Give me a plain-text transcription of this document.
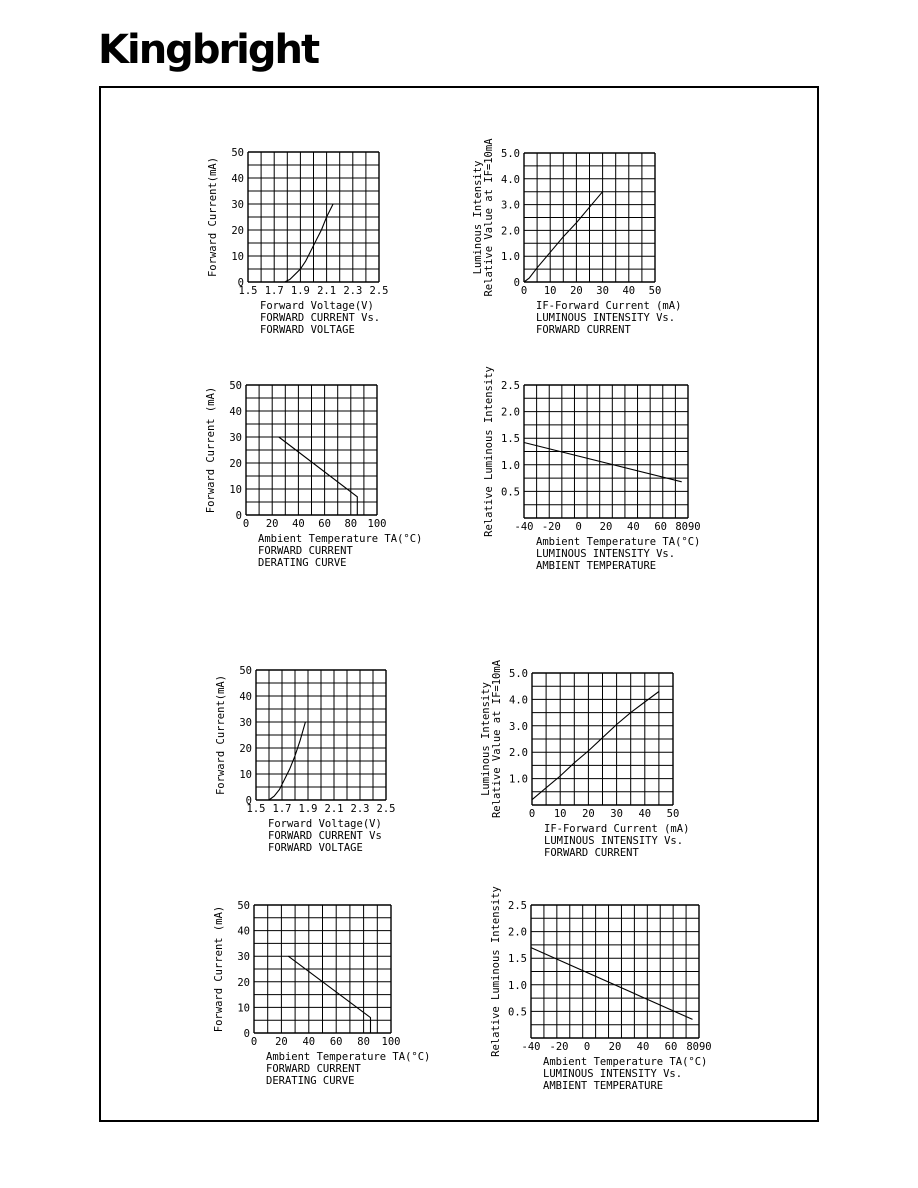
Kingbright
1.5 1.7 1.9 2.1 2.3 2.5
0
10
20
30
40
50
Forward Current(mA)
Forward Voltage(V)
FORWARD CURRENT Vs.
FORWARD VOLTAGE
0 10 20 30 40 50
0
1.0
2.0
3.0
4.0
5.0
Luminous Intensity Relative Value at IF=10mA
IF-Forward Current (mA)
LUMINOUS INTENSITY Vs.
FORWARD CURRENT
0 20 40 60 80 100
0
10
20
30
40
50
Forward Current (mA)
Ambient Temperature TA(°C)
FORWARD CURRENT
DERATING CURVE
-40 -20 0 20 40 60 8090
0.5
1.0
1.5
2.0
2.5
Relative Luminous Intensity
Ambient Temperature TA(°C)
LUMINOUS INTENSITY Vs.
AMBIENT TEMPERATURE
1.5 1.7 1.9 2.1 2.3 2.5
0
10
20
30
40
50
Forward Current(mA)
Forward Voltage(V)
FORWARD CURRENT Vs
FORWARD VOLTAGE
0 10 20 30 40 50
1.0
2.0
3.0
4.0
5.0
Luminous Intensity Relative Value at IF=10mA
IF-Forward Current (mA)
LUMINOUS INTENSITY Vs.
FORWARD CURRENT
0 20 40 60 80 100
0
10
20
30
40
50
Forward Current (mA)
Ambient Temperature TA(°C)
FORWARD CURRENT
DERATING CURVE
-40 -20 0 20 40 60 8090
0.5
1.0
1.5
2.0
2.5
Relative Luminous Intensity
Ambient Temperature TA(°C)
LUMINOUS INTENSITY Vs.
AMBIENT TEMPERATURE
